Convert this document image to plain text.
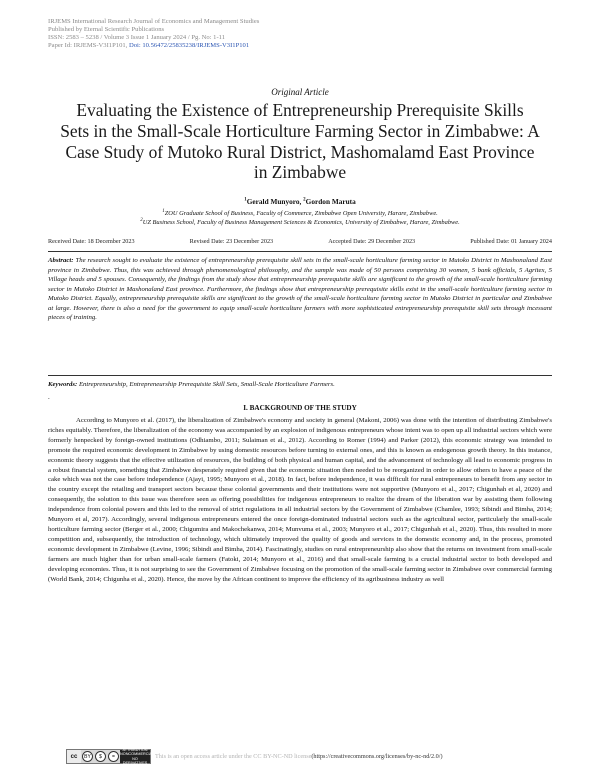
IRJEMS International Research Journal of Economics and Management Studies
Published by Eternal Scientific Publications
ISSN: 2583 – 5238 / Volume 3 Issue 1 January 2024 / Pg. No: 1-11
Paper Id: IRJEMS-V3I1P101, Doi: 10.56472/25835238/IRJEMS-V3I1P101
Original Article
Evaluating the Existence of Entrepreneurship Prerequisite Skills Sets in the Small-Scale Horticulture Farming Sector in Zimbabwe: A Case Study of Mutoko Rural District, Mashomalamd East Province in Zimbabwe
$^1$Gerald Munyoro, $^2$Gordon Maruta
$^1$ZOU Graduate School of Business, Faculty of Commerce, Zimbabwe Open University, Harare, Zimbabwe.
$^2$UZ Business School, Faculty of Business Management Sciences & Economics, University of Zimbabwe, Harare, Zimbabwe.
Received Date: 18 December 2023	Revised Date: 23 December 2023	Accepted Date: 29 December 2023	Published Date: 01 January 2024
Abstract: The research sought to evaluate the existence of entrepreneurship prerequisite skill sets in the small-scale horticulture farming sector in Mutoko District in Mashonaland East province in Zimbabwe. Thus, this was achieved through phenomenological philosophy, and the sample was made of 50 persons comprising 30 women, 5 bank officials, 5 Agritex, 5 Village heads and 5 spouses. Consequently, the findings from the study show that entrepreneurship prerequisite skills are significant to the growth of the small-scale horticulture farming sector in Mutoko District in Mashonaland East province. Furthermore, the findings show that entrepreneurship prerequisite skills exist in the small-scale horticulture farming sector in Mutoko District. Equally, entrepreneurship prerequisite skills are significant to the growth of the small-scale horticulture farming sector in Mutoko District in particular and Zimbabwe at large. However, there is also a need for the government to equip small-scale horticulture farmers with more sophisticated entrepreneurship prerequisite skill sets through incessant pieces of training.
Keywords: Entrepreneurship, Entrepreneurship Prerequisite Skill Sets, Small-Scale Horticulture Farmers.
.
I. BACKGROUND OF THE STUDY
According to Munyoro et al. (2017), the liberalization of Zimbabwe's economy and society in general (Makoni, 2006) was done with the intention of distributing Zimbabwe's riches equitably. Therefore, the liberalization of the economy was accompanied by an explosion of indigenous entrepreneurs whose intent was to open up all industrial sectors which were formerly henpecked by foreign-owned institutions (Odhiambo, 2011; Sulaiman et al., 2012). According to Romer (1994) and Parker (2012), this economic strategy was intended to promote the required economic development in Zimbabwe by using domestic resources before turning to external ones, and this is known as endogenous growth theory. In this instance, economic theory suggests that the effective utilization of resources, the building of both physical and human capital, and the advancement of technology all lead to economic progress in a robust financial system, something that Zimbabwe desperately required given that the economic situation then needed to be reorganized in order to allow others to have a peace of the cake which was not the case before independence (Ajayi, 1995; Munyoro et al., 2018). In fact, before independence, it was difficult for rural entrepreneurs to benefit from any sector in the country except the retailing and transport sectors because these colonial governments and their institutions were not supportive (Munyoro et al., 2017; Chigunhah et al, 2020) and consequently, the solution to this issue was therefore seen as offering possibilities for indigenous entrepreneurs to realize the dream of the liberation war by assisting them following independence from colonial powers and this led to the removal of strict regulations in all industrial sectors by the Government of Zimbabwe (Chamlee, 1993; Sibindi and Bimha, 2014; Munyoro et al, 2017). Accordingly, several indigenous entrepreneurs entered the once foreign-dominated industrial sectors such as the agricultural sector, particularly the small-scale horticulture farming sector (Berger et al., 2000; Chigumira and Makochekanwa, 2014; Munvuma et al., 2003; Munyoro et al., 2017; Chigunhah et al., 2020). Thus, this resulted in more competition and, subsequently, the introduction of technology, which ultimately improved the quality of goods and services in the domestic economy and, in the process, promoted economic development in Zimbabwe (Levine, 1996; Sibindi and Bimha, 2014). Fascinatingly, studies on rural entrepreneurship also show that the returns on investment from small-scale farmers are much higher than for urban small-scale farmers (Fatoki, 2014; Munyoro et al., 2016) and that small-scale farming is a crucial industrial sector to both developed and developing economies. Thus, it is not surprising to see the Government of Zimbabwe focusing on the promotion of the small-scale farming sector in Zimbabwe over commercial farming (World Bank, 2014; Chigunha et al., 2020). Hence, the move by the African continent to improve the efficiency of its agribusiness industry as well
cc	BY	$	=
ATTRIBUTION NONCOMMERCIAL NO DERIVATIVES
This is an open access article under the CC BY-NC-ND license (https://creativecommons.org/licenses/by-nc-nd/2.0/)
